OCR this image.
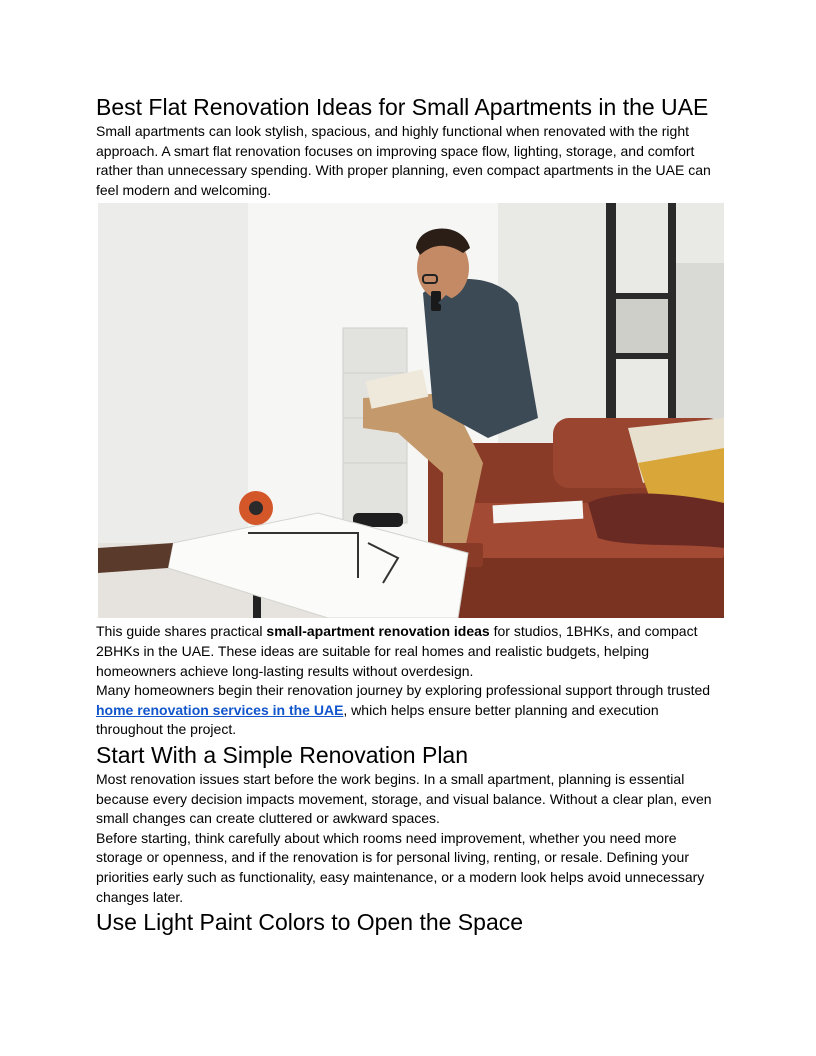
Best Flat Renovation Ideas for Small Apartments in the UAE

Small apartments can look stylish, spacious, and highly functional when renovated with the right approach. A smart flat renovation focuses on improving space flow, lighting, storage, and comfort rather than unnecessary spending. With proper planning, even compact apartments in the UAE can feel modern and welcoming.

This guide shares practical small-apartment renovation ideas for studios, 1BHKs, and compact 2BHKs in the UAE. These ideas are suitable for real homes and realistic budgets, helping homeowners achieve long-lasting results without overdesign.

Many homeowners begin their renovation journey by exploring professional support through trusted home renovation services in the UAE, which helps ensure better planning and execution throughout the project.

Start With a Simple Renovation Plan

Most renovation issues start before the work begins. In a small apartment, planning is essential because every decision impacts movement, storage, and visual balance. Without a clear plan, even small changes can create cluttered or awkward spaces.

Before starting, think carefully about which rooms need improvement, whether you need more storage or openness, and if the renovation is for personal living, renting, or resale. Defining your priorities early such as functionality, easy maintenance, or a modern look helps avoid unnecessary changes later.

Use Light Paint Colors to Open the Space
